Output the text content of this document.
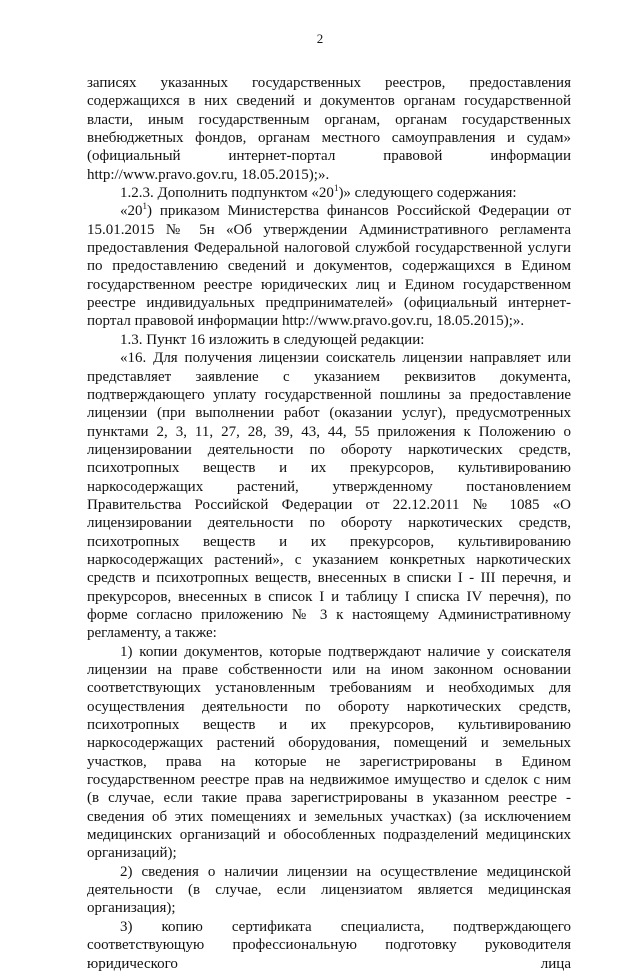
2

записях указанных государственных реестров, предоставления содержащихся в них сведений и документов органам государственной власти, иным государственным органам, органам государственных внебюджетных фондов, органам местного самоуправления и судам» (официальный интернет-портал правовой информации http://www.pravo.gov.ru, 18.05.2015);».

1.2.3. Дополнить подпунктом «$20^1$)» следующего содержания:

«$20^1$) приказом Министерства финансов Российской Федерации от 15.01.2015 № 5н «Об утверждении Административного регламента предоставления Федеральной налоговой службой государственной услуги по предоставлению сведений и документов, содержащихся в Едином государственном реестре юридических лиц и Едином государственном реестре индивидуальных предпринимателей» (официальный интернет-портал правовой информации http://www.pravo.gov.ru, 18.05.2015);».

1.3. Пункт 16 изложить в следующей редакции:

«16. Для получения лицензии соискатель лицензии направляет или представляет заявление с указанием реквизитов документа, подтверждающего уплату государственной пошлины за предоставление лицензии (при выполнении работ (оказании услуг), предусмотренных пунктами 2, 3, 11, 27, 28, 39, 43, 44, 55 приложения к Положению о лицензировании деятельности по обороту наркотических средств, психотропных веществ и их прекурсоров, культивированию наркосодержащих растений, утвержденному постановлением Правительства Российской Федерации от 22.12.2011 № 1085 «О лицензировании деятельности по обороту наркотических средств, психотропных веществ и их прекурсоров, культивированию наркосодержащих растений», с указанием конкретных наркотических средств и психотропных веществ, внесенных в списки I - III перечня, и прекурсоров, внесенных в список I и таблицу I списка IV перечня), по форме согласно приложению № 3 к настоящему Административному регламенту, а также:

1) копии документов, которые подтверждают наличие у соискателя лицензии на праве собственности или на ином законном основании соответствующих установленным требованиям и необходимых для осуществления деятельности по обороту наркотических средств, психотропных веществ и их прекурсоров, культивированию наркосодержащих растений оборудования, помещений и земельных участков, права на которые не зарегистрированы в Едином государственном реестре прав на недвижимое имущество и сделок с ним (в случае, если такие права зарегистрированы в указанном реестре - сведения об этих помещениях и земельных участках) (за исключением медицинских организаций и обособленных подразделений медицинских организаций);

2) сведения о наличии лицензии на осуществление медицинской деятельности (в случае, если лицензиатом является медицинская организация);

3) копию сертификата специалиста, подтверждающего соответствующую профессиональную подготовку руководителя юридического лица
